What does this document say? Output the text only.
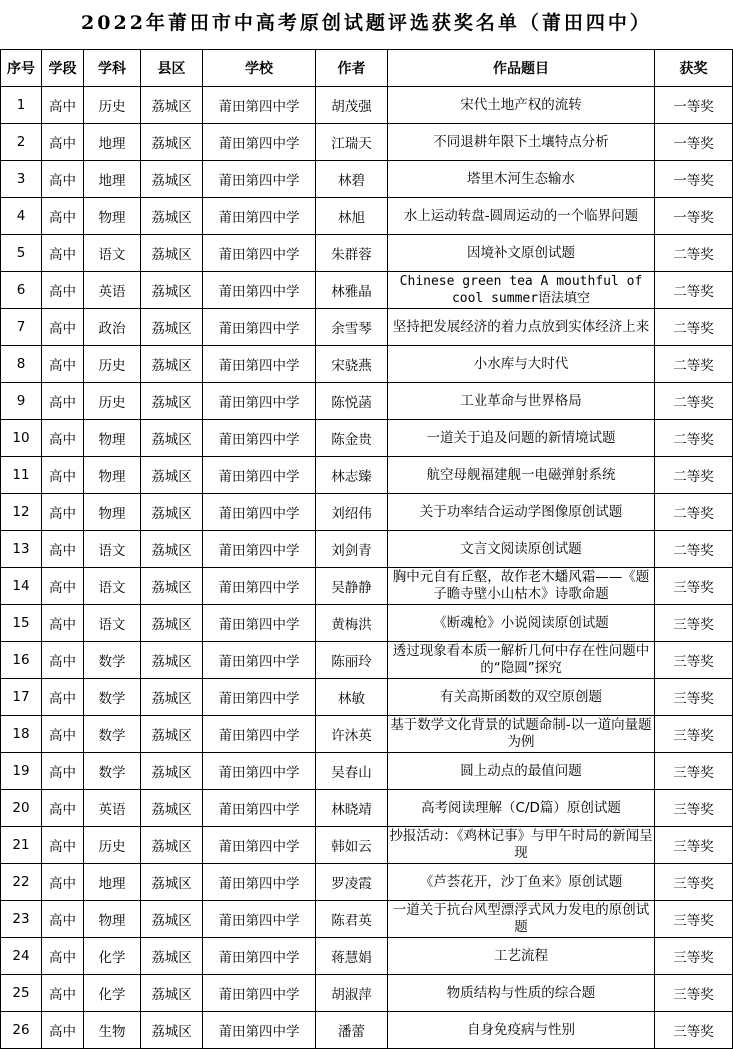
2022年莆田市中高考原创试题评选获奖名单（莆田四中）
序号	学段	学科	县区	学校	作者	作品题目	获奖
1	高中	历史	荔城区	莆田第四中学	胡茂强	宋代土地产权的流转	一等奖
2	高中	地理	荔城区	莆田第四中学	江瑞天	不同退耕年限下土壤特点分析	一等奖
3	高中	地理	荔城区	莆田第四中学	林碧	塔里木河生态输水	一等奖
4	高中	物理	荔城区	莆田第四中学	林旭	水上运动转盘-圆周运动的一个临界问题	一等奖
5	高中	语文	荔城区	莆田第四中学	朱群蓉	因境补文原创试题	二等奖
6	高中	英语	荔城区	莆田第四中学	林雅晶	Chinese green tea A mouthful of cool summer语法填空	二等奖
7	高中	政治	荔城区	莆田第四中学	余雪琴	坚持把发展经济的着力点放到实体经济上来	二等奖
8	高中	历史	荔城区	莆田第四中学	宋骁燕	小水库与大时代	二等奖
9	高中	历史	荔城区	莆田第四中学	陈悦菡	工业革命与世界格局	二等奖
10	高中	物理	荔城区	莆田第四中学	陈金贵	一道关于追及问题的新情境试题	二等奖
11	高中	物理	荔城区	莆田第四中学	林志臻	航空母舰福建舰一电磁弹射系统	二等奖
12	高中	物理	荔城区	莆田第四中学	刘绍伟	关于功率结合运动学图像原创试题	二等奖
13	高中	语文	荔城区	莆田第四中学	刘剑青	文言文阅读原创试题	二等奖
14	高中	语文	荔城区	莆田第四中学	吴静静	胸中元自有丘壑，故作老木蟠风霜——《题子瞻寺壁小山枯木》诗歌命题	三等奖
15	高中	语文	荔城区	莆田第四中学	黄梅洪	《断魂枪》小说阅读原创试题	三等奖
16	高中	数学	荔城区	莆田第四中学	陈丽玲	透过现象看本质一解析几何中存在性问题中的“隐圆”探究	三等奖
17	高中	数学	荔城区	莆田第四中学	林敏	有关高斯函数的双空原创题	三等奖
18	高中	数学	荔城区	莆田第四中学	许沐英	基于数学文化背景的试题命制-以一道向量题为例	三等奖
19	高中	数学	荔城区	莆田第四中学	吴春山	圆上动点的最值问题	三等奖
20	高中	英语	荔城区	莆田第四中学	林晓靖	高考阅读理解（C/D篇）原创试题	三等奖
21	高中	历史	荔城区	莆田第四中学	韩如云	抄报活动：《鸡林记事》与甲午时局的新闻呈现	三等奖
22	高中	地理	荔城区	莆田第四中学	罗凌霞	《芦荟花开，沙丁鱼来》原创试题	三等奖
23	高中	物理	荔城区	莆田第四中学	陈君英	一道关于抗台风型漂浮式风力发电的原创试题	三等奖
24	高中	化学	荔城区	莆田第四中学	蒋慧娟	工艺流程	三等奖
25	高中	化学	荔城区	莆田第四中学	胡淑萍	物质结构与性质的综合题	三等奖
26	高中	生物	荔城区	莆田第四中学	潘蕾	自身免疫病与性别	三等奖
